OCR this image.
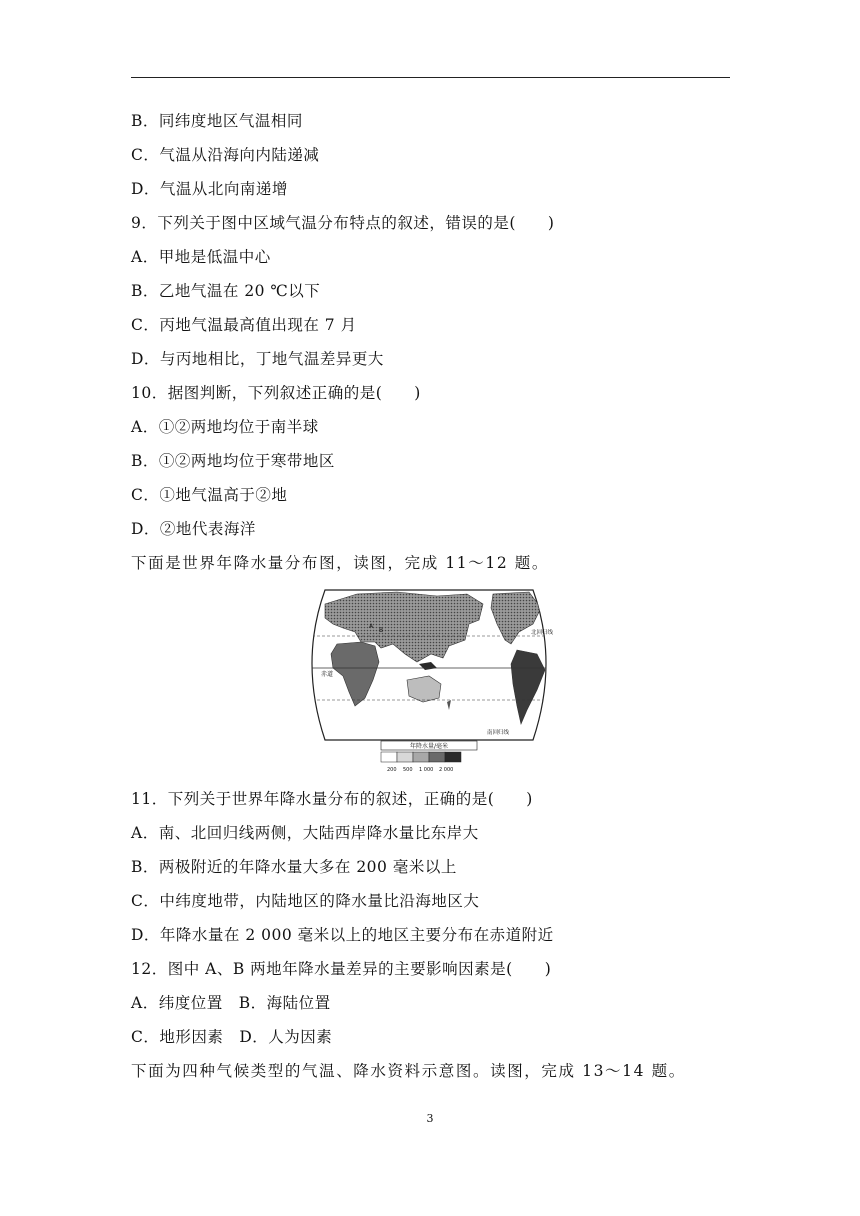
B．同纬度地区气温相同
C．气温从沿海向内陆递减
D．气温从北向南递增
9．下列关于图中区域气温分布特点的叙述，错误的是(　　)
A．甲地是低温中心
B．乙地气温在 20 ℃以下
C．丙地气温最高值出现在 7 月
D．与丙地相比，丁地气温差异更大
10．据图判断，下列叙述正确的是(　　)
A．①②两地均位于南半球
B．①②两地均位于寒带地区
C．①地气温高于②地
D．②地代表海洋
下面是世界年降水量分布图，读图，完成 11～12 题。
赤道
北回归线
南回归线
A
B
年降水量/毫米
200 500 1 000 2 000
11．下列关于世界年降水量分布的叙述，正确的是(　　)
A．南、北回归线两侧，大陆西岸降水量比东岸大
B．两极附近的年降水量大多在 200 毫米以上
C．中纬度地带，内陆地区的降水量比沿海地区大
D．年降水量在 2 000 毫米以上的地区主要分布在赤道附近
12．图中 A、B 两地年降水量差异的主要影响因素是(　　)
A．纬度位置　B．海陆位置
C．地形因素　D．人为因素
下面为四种气候类型的气温、降水资料示意图。读图，完成 13～14 题。
3
